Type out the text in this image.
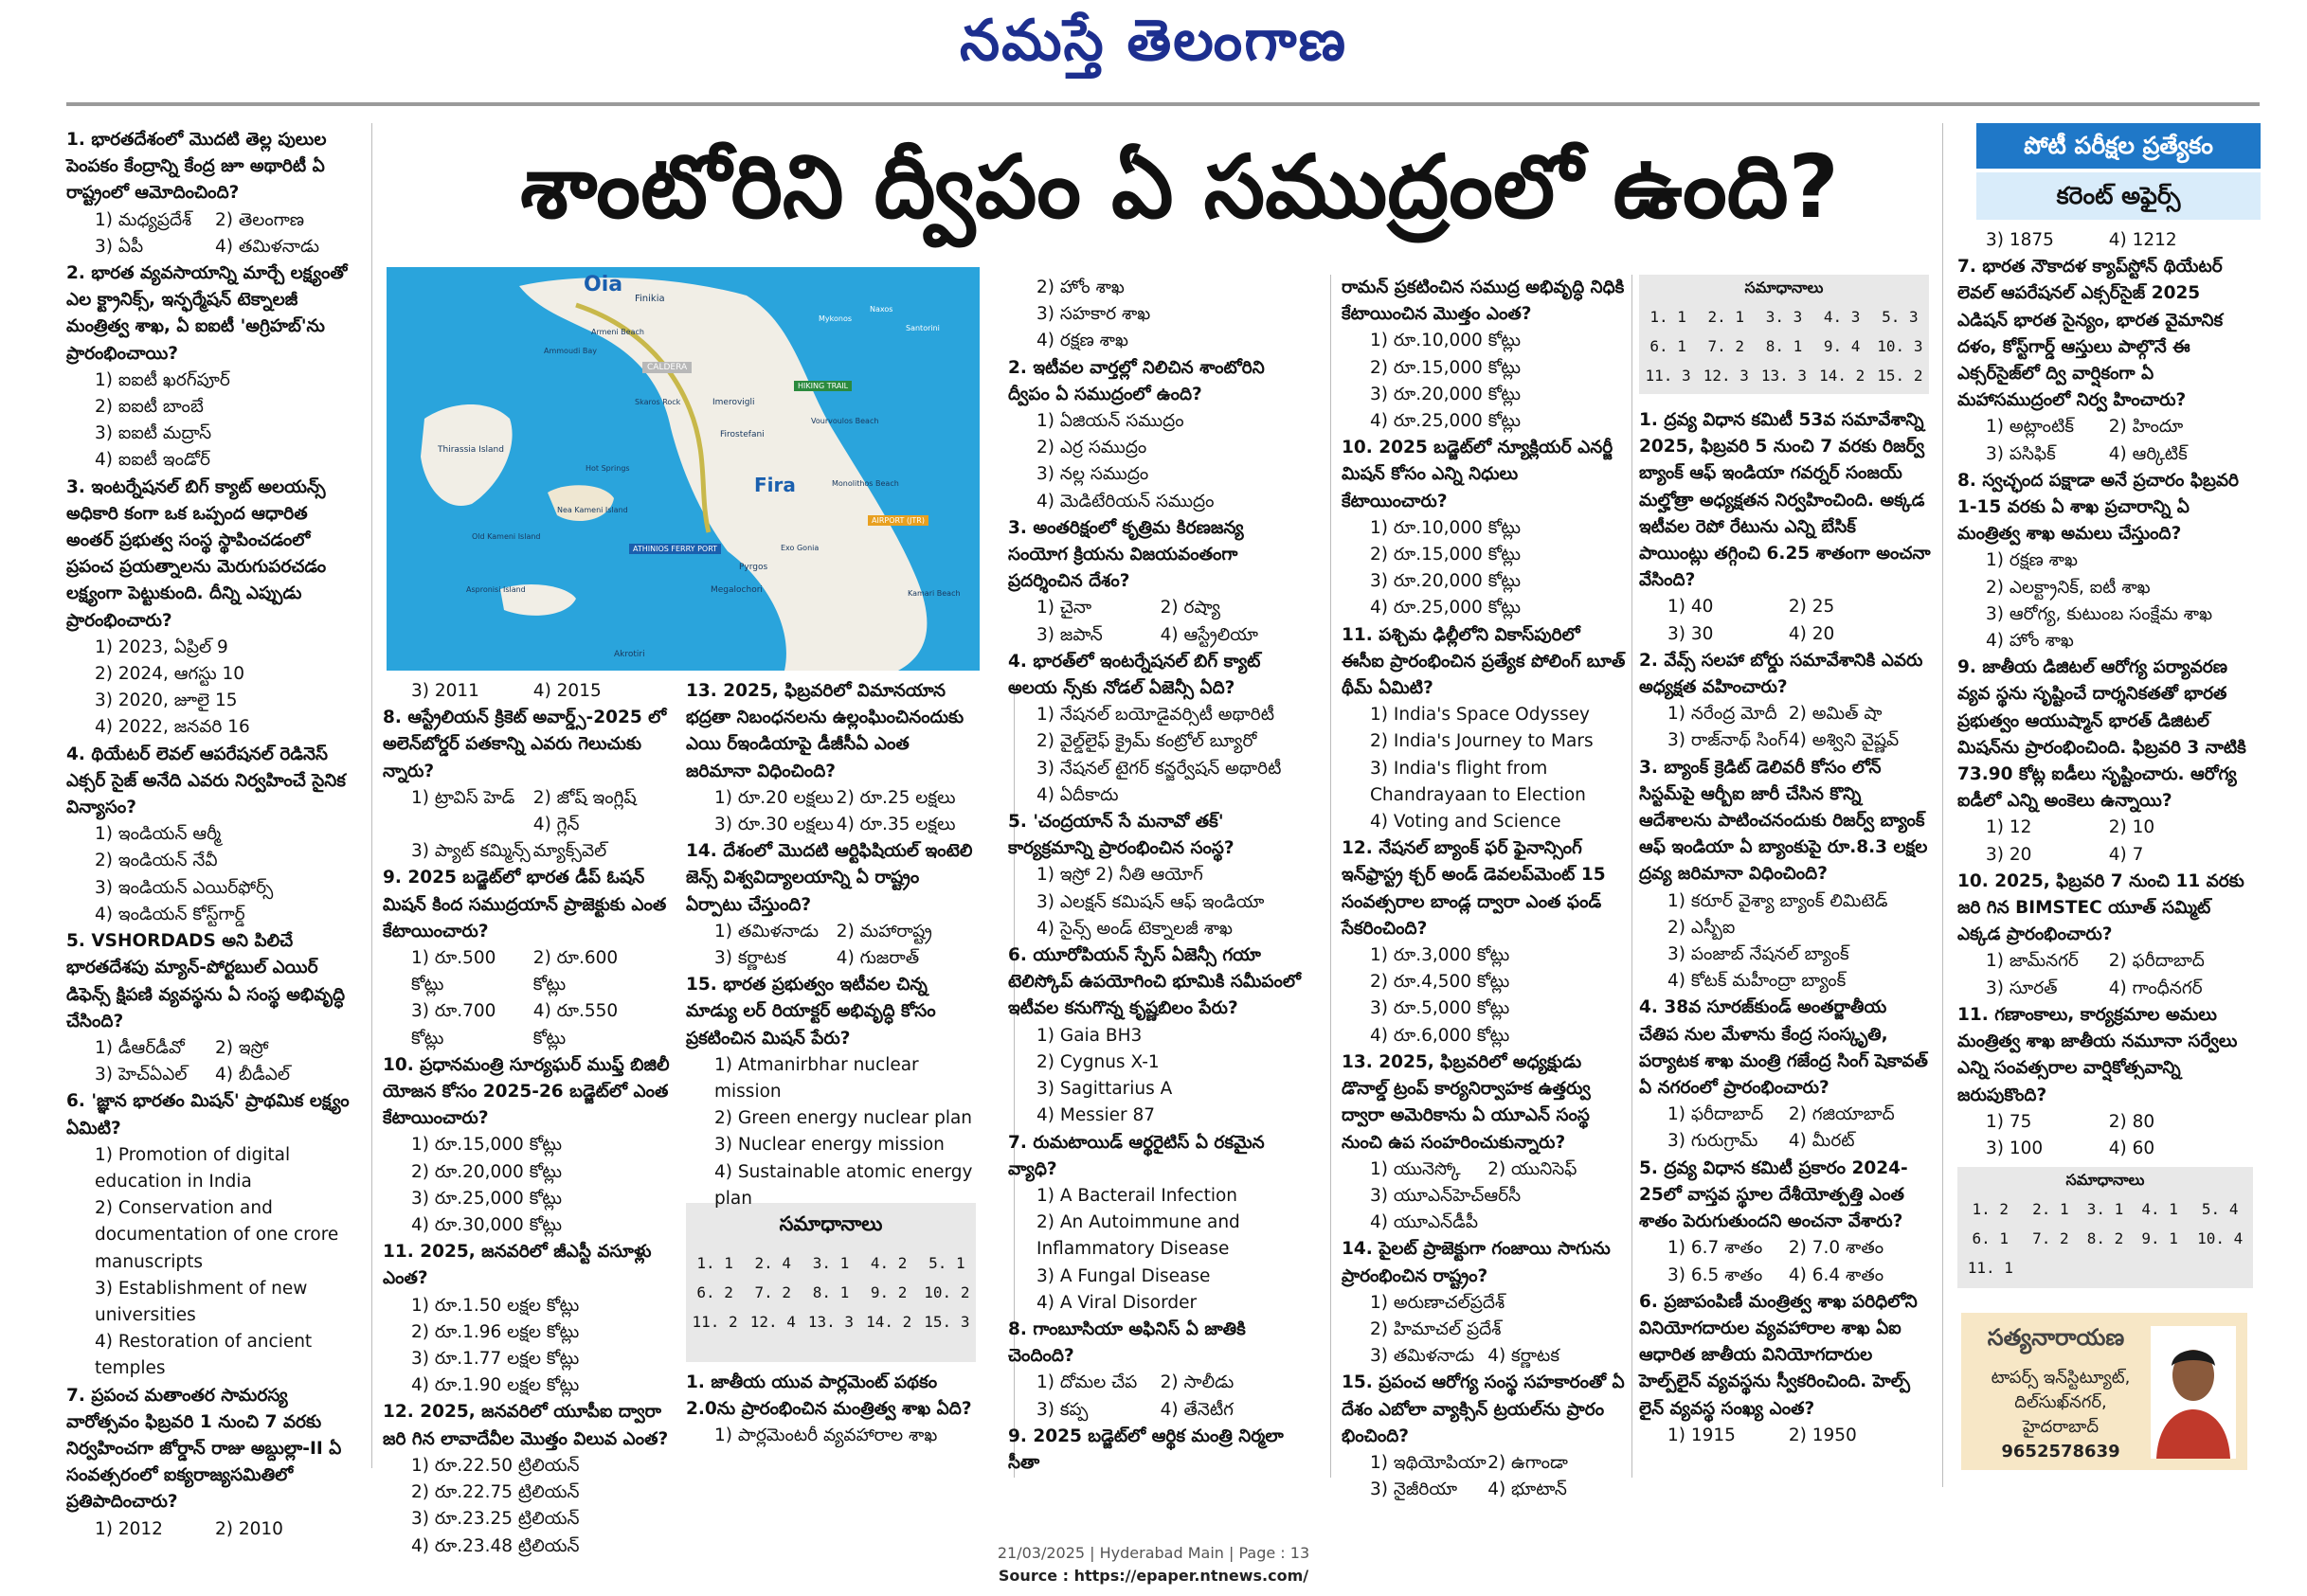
నమస్తే తెలంగాణ
శాంటోరిని ద్వీపం ఏ సముద్రంలో ఉంది?	పోటీ పరీక్షల ప్రత్యేకం
కరెంట్ అఫైర్స్
Oia
Finikia
Ammoudi Bay
Armeni Beach
Thirassia Island
CALDERA
Skaros Rock	Imerovigli
HIKING TRAIL
Firostefani
Vourvoulos Beach
Fira	Monolithos Beach
Hot Springs
Nea Kameni Island
Old Kameni Island
AIRPORT (JTR)
ATHINIOS FERRY PORT	Exo Gonia
Pyrgos
Megalochori	Kamari Beach
Aspronisi Island
Akrotiri
Santorini
Mykonos
Naxos
సమాధానాలు
1. 1	2. 4	3. 1	4. 2	5. 1
6. 2	7. 2	8. 1	9. 2	10. 2
11. 2	12. 4	13. 3	14. 2	15. 3
సమాధానాలు
1. 1	2. 1	3. 3	4. 3	5. 3
6. 1	7. 2	8. 1	9. 4	10. 3
11. 3	12. 3	13. 3	14. 2	15. 2
సమాధానాలు
1. 2	2. 1	3. 1	4. 1	5. 4
6. 1	7. 2	8. 2	9. 1	10. 4
11. 1				
సత్యనారాయణ
టాపర్స్ ఇన్‌స్టిట్యూట్,
దిల్‌సుఖ్‌నగర్,
హైదరాబాద్
9652578639

1. భారతదేశంలో మొదటి తెల్ల పులుల పెంపకం కేంద్రాన్ని కేంద్ర జూ అథారిటీ ఏ రాష్ట్రంలో ఆమోదించింది?

1) మధ్యప్రదేశ్ 2) తెలంగాణ

3) ఏపీ	4) తమిళనాడు

2. భారత వ్యవసాయాన్ని మార్చే లక్ష్యంతో ఎల క్ట్రానిక్స్, ఇన్ఫర్మేషన్ టెక్నాలజీ మంత్రిత్వ శాఖ, ఏ ఐఐటీ 'అగ్రిహబ్'ను ప్రారంభించాయి?

1) ఐఐటీ ఖరగ్‌పూర్

2) ఐఐటీ బాంబే

3) ఐఐటీ మద్రాస్

4) ఐఐటీ ఇండోర్

3. ఇంటర్నేషనల్ బిగ్ క్యాట్ అలయన్స్ అధికారి కంగా ఒక ఒప్పంద ఆధారిత అంతర్ ప్రభుత్వ సంస్థ స్థాపించడంలో ప్రపంచ ప్రయత్నాలను మెరుగుపరచడం లక్ష్యంగా పెట్టుకుంది. దీన్ని ఎప్పుడు ప్రారంభించారు?

1) 2023, ఏప్రిల్ 9

2) 2024, ఆగస్టు 10

3) 2020, జూలై 15

4) 2022, జనవరి 16

4. థియేటర్ లెవల్ ఆపరేషనల్ రెడినెస్ ఎక్సర్ సైజ్ అనేది ఎవరు నిర్వహించే సైనిక విన్యాసం?

1) ఇండియన్ ఆర్మీ

2) ఇండియన్ నేవీ

3) ఇండియన్ ఎయిర్‌ఫోర్స్

4) ఇండియన్ కోస్ట్‌గార్డ్

5. VSHORDADS అని పిలిచే భారతదేశపు మ్యాన్-పోర్టబుల్ ఎయిర్ డిఫెన్స్ క్షిపణి వ్యవస్థను ఏ సంస్థ అభివృద్ధి చేసింది?

1) డీఆర్‌డీవో 2) ఇస్రో

3) హెచ్‌ఏఎల్ 4) బీడీఎల్

6. 'జ్ఞాన భారతం మిషన్' ప్రాథమిక లక్ష్యం ఏమిటి?

1) Promotion of digital education in India

2) Conservation and documentation of one crore manuscripts

3) Establishment of new universities

4) Restoration of ancient temples

7. ప్రపంచ మతాంతర సామరస్య వారోత్సవం ఫిబ్రవరి 1 నుంచి 7 వరకు నిర్వహించగా జోర్డాన్ రాజు అబ్దుల్లా-II ఏ సంవత్సరంలో ఐక్యరాజ్యసమితిలో ప్రతిపాదించారు?

1) 2012	2) 2010

3) 2011	4) 2015

8. ఆస్ట్రేలియన్ క్రికెట్ అవార్డ్స్-2025 లో అలెన్‌బోర్డర్ పతకాన్ని ఎవరు గెలుచుకు న్నారు?

1) ట్రావిస్ హెడ్ 2) జోష్ ఇంగ్లిష్

3) ప్యాట్ కమ్మిన్స్4) గ్లెన్ మ్యాక్స్‌వెల్

9. 2025 బడ్జెట్‌లో భారత డీప్ ఓషన్ మిషన్ కింద సముద్రయాన్ ప్రాజెక్టుకు ఎంత కేటాయించారు?

1) రూ.500 కోట్లు2) రూ.600 కోట్లు

3) రూ.700 కోట్లు4) రూ.550 కోట్లు

10. ప్రధానమంత్రి సూర్యఘర్ ముఫ్త్ బిజిలీ యోజన కోసం 2025-26 బడ్జెట్‌లో ఎంత కేటాయించారు?

1) రూ.15,000 కోట్లు

2) రూ.20,000 కోట్లు

3) రూ.25,000 కోట్లు

4) రూ.30,000 కోట్లు

11. 2025, జనవరిలో జీఎస్టీ వసూళ్లు ఎంత?

1) రూ.1.50 లక్షల కోట్లు

2) రూ.1.96 లక్షల కోట్లు

3) రూ.1.77 లక్షల కోట్లు

4) రూ.1.90 లక్షల కోట్లు

12. 2025, జనవరిలో యూపీఐ ద్వారా జరి గిన లావాదేవీల మొత్తం విలువ ఎంత?

1) రూ.22.50 ట్రిలియన్

2) రూ.22.75 ట్రిలియన్

3) రూ.23.25 ట్రిలియన్

4) రూ.23.48 ట్రిలియన్

13. 2025, ఫిబ్రవరిలో విమానయాన భద్రతా నిబంధనలను ఉల్లంఘించినందుకు ఎయి ర్‌ఇండియాపై డీజీసీఏ ఎంత జరిమానా విధించింది?

1) రూ.20 లక్షలు 2) రూ.25 లక్షలు

3) రూ.30 లక్షలు 4) రూ.35 లక్షలు

14. దేశంలో మొదటి ఆర్టిఫిషియల్ ఇంటెలి జెన్స్ విశ్వవిద్యాలయాన్ని ఏ రాష్ట్రం ఏర్పాటు చేస్తుంది?

1) తమిళనాడు 2) మహారాష్ట్ర

3) కర్ణాటక	4) గుజరాత్

15. భారత ప్రభుత్వం ఇటీవల చిన్న మాడ్యు లర్ రియాక్టర్ అభివృద్ధి కోసం ప్రకటించిన మిషన్ పేరు?

1) Atmanirbhar nuclear mission

2) Green energy nuclear plan

3) Nuclear energy mission

4) Sustainable atomic energy plan

1. జాతీయ యువ పార్లమెంట్ పథకం 2.0ను ప్రారంభించిన మంత్రిత్వ శాఖ ఏది?

1) పార్లమెంటరీ వ్యవహారాల శాఖ

2) హోం శాఖ

3) సహకార శాఖ

4) రక్షణ శాఖ

2. ఇటీవల వార్తల్లో నిలిచిన శాంటోరిని ద్వీపం ఏ సముద్రంలో ఉంది?

1) ఏజియన్ సముద్రం

2) ఎర్ర సముద్రం

3) నల్ల సముద్రం

4) మెడిటేరియన్ సముద్రం

3. అంతరిక్షంలో కృత్రిమ కిరణజన్య సంయోగ క్రియను విజయవంతంగా ప్రదర్శించిన దేశం?

1) చైనా	2) రష్యా

3) జపాన్	4) ఆస్ట్రేలియా

4. భారత్‌లో ఇంటర్నేషనల్ బిగ్ క్యాట్ అలయ న్స్‌కు నోడల్ ఏజెన్సీ ఏది?

1) నేషనల్ బయోడైవర్సిటీ అథారిటీ

2) వైల్డ్‌లైఫ్ క్రైమ్ కంట్రోల్ బ్యూరో

3) నేషనల్ టైగర్ కన్జర్వేషన్ అథారిటీ

4) ఏదీకాదు

5. 'చంద్రయాన్ సే మనావో తక్' కార్యక్రమాన్ని ప్రారంభించిన సంస్థ?

1) ఇస్రో 2) నీతి ఆయోగ్

3) ఎలక్షన్ కమిషన్ ఆఫ్ ఇండియా

4) సైన్స్ అండ్ టెక్నాలజీ శాఖ

6. యూరోపియన్ స్పేస్ ఏజెన్సీ గయా టెలిస్కోప్ ఉపయోగించి భూమికి సమీపంలో ఇటీవల కనుగొన్న కృష్ణబిలం పేరు?

1) Gaia BH3

2) Cygnus X-1

3) Sagittarius A

4) Messier 87

7. రుమటాయిడ్ ఆర్థరైటిస్ ఏ రకమైన వ్యాధి?

1) A Bacterail Infection

2) An Autoimmune and Inflammatory Disease

3) A Fungal Disease

4) A Viral Disorder

8. గాంబూసియా అఫినిస్ ఏ జాతికి చెందింది?

1) దోమల చేప 2) సాలీడు

3) కప్ప	4) తేనెటీగ

9. 2025 బడ్జెట్‌లో ఆర్థిక మంత్రి నిర్మలా సీతా

రామన్ ప్రకటించిన సముద్ర అభివృద్ధి నిధికి కేటాయించిన మొత్తం ఎంత?

1) రూ.10,000 కోట్లు

2) రూ.15,000 కోట్లు

3) రూ.20,000 కోట్లు

4) రూ.25,000 కోట్లు

10. 2025 బడ్జెట్‌లో న్యూక్లియర్ ఎనర్జీ మిషన్ కోసం ఎన్ని నిధులు కేటాయించారు?

1) రూ.10,000 కోట్లు

2) రూ.15,000 కోట్లు

3) రూ.20,000 కోట్లు

4) రూ.25,000 కోట్లు

11. పశ్చిమ ఢిల్లీలోని వికాస్‌పురిలో ఈసీఐ ప్రారంభించిన ప్రత్యేక పోలింగ్ బూత్ థీమ్ ఏమిటి?

1) India's Space Odyssey

2) India's Journey to Mars

3) India's flight from Chandrayaan to Election

4) Voting and Science

12. నేషనల్ బ్యాంక్ ఫర్ ఫైనాన్సింగ్ ఇన్‌ఫ్రాస్ట్ర క్చర్ అండ్ డెవలప్‌మెంట్ 15 సంవత్సరాల బాండ్ల ద్వారా ఎంత ఫండ్ సేకరించింది?

1) రూ.3,000 కోట్లు

2) రూ.4,500 కోట్లు

3) రూ.5,000 కోట్లు

4) రూ.6,000 కోట్లు

13. 2025, ఫిబ్రవరిలో అధ్యక్షుడు డొనాల్డ్ ట్రంప్ కార్యనిర్వాహక ఉత్తర్వు ద్వారా అమెరికాను ఏ యూఎన్ సంస్థ నుంచి ఉప సంహరించుకున్నారు?

1) యునెస్కో 2) యునిసెఫ్

3) యూఎన్‌హెచ్‌ఆర్‌సీ

4) యూఎన్‌డీపీ

14. పైలట్ ప్రాజెక్టుగా గంజాయి సాగును ప్రారంభించిన రాష్ట్రం?

1) అరుణాచల్‌ప్రదేశ్

2) హిమాచల్ ప్రదేశ్

3) తమిళనాడు 4) కర్ణాటక

15. ప్రపంచ ఆరోగ్య సంస్థ సహకారంతో ఏ దేశం ఎబోలా వ్యాక్సిన్ ట్రయల్‌ను ప్రారం భించింది?

1) ఇథియోపియా2) ఉగాండా

3) నైజీరియా 4) భూటాన్

1. ద్రవ్య విధాన కమిటీ 53వ సమావేశాన్ని 2025, ఫిబ్రవరి 5 నుంచి 7 వరకు రిజర్వ్ బ్యాంక్ ఆఫ్ ఇండియా గవర్నర్ సంజయ్ మల్హోత్రా అధ్యక్షతన నిర్వహించింది. అక్కడ ఇటీవల రెపో రేటును ఎన్ని బేసిక్ పాయింట్లు తగ్గించి 6.25 శాతంగా అంచనా వేసింది?

1) 40	2) 25

3) 30	4) 20

2. వేవ్స్ సలహా బోర్డు సమావేశానికి ఎవరు అధ్యక్షత వహించారు?

1) నరేంద్ర మోదీ 2) అమిత్ షా

3) రాజ్‌నాథ్ సింగ్4) అశ్విని వైష్ణవ్

3. బ్యాంక్ క్రెడిట్ డెలివరీ కోసం లోన్ సిస్టమ్‌పై ఆర్బీఐ జారీ చేసిన కొన్ని ఆదేశాలను పాటించనందుకు రిజర్వ్ బ్యాంక్ ఆఫ్ ఇండియా ఏ బ్యాంకుపై రూ.8.3 లక్షల ద్రవ్య జరిమానా విధించింది?

1) కరూర్ వైశ్యా బ్యాంక్ లిమిటెడ్

2) ఎస్బీఐ

3) పంజాబ్ నేషనల్ బ్యాంక్

4) కోటక్ మహీంద్రా బ్యాంక్

4. 38వ సూరజ్‌కుండ్ అంతర్జాతీయ చేతిప నుల మేళాను కేంద్ర సంస్కృతి, పర్యాటక శాఖ మంత్రి గజేంద్ర సింగ్ షెకావత్ ఏ నగరంలో ప్రారంభించారు?

1) ఫరీదాబాద్ 2) గజియాబాద్

3) గురుగ్రామ్ 4) మీరట్

5. ద్రవ్య విధాన కమిటీ ప్రకారం 2024-25లో వాస్తవ స్థూల దేశీయోత్పత్తి ఎంత శాతం పెరుగుతుందని అంచనా వేశారు?

1) 6.7 శాతం 2) 7.0 శాతం

3) 6.5 శాతం 4) 6.4 శాతం

6. ప్రజాపంపిణీ మంత్రిత్వ శాఖ పరిధిలోని వినియోగదారుల వ్యవహారాల శాఖ ఏఐ ఆధారిత జాతీయ వినియోగదారుల హెల్ప్‌లైన్ వ్యవస్థను స్వీకరించింది. హెల్ప్ లైన్ వ్యవస్థ సంఖ్య ఎంత?

1) 1915	2) 1950

3) 1875	4) 1212

7. భారత నౌకాదళ క్యాప్‌స్టోన్ థియేటర్ లెవల్ ఆపరేషనల్ ఎక్సర్‌సైజ్ 2025 ఎడిషన్ భారత సైన్యం, భారత వైమానిక దళం, కోస్ట్‌గార్డ్ ఆస్తులు పాల్గొనే ఈ ఎక్సర్‌సైజ్‌లో ద్వి వార్షికంగా ఏ మహాసముద్రంలో నిర్వ హించారు?

1) అట్లాంటిక్ 2) హిందూ

3) పసిఫిక్	4) ఆర్కిటిక్

8. స్వచ్ఛంద పక్షాడా అనే ప్రచారం ఫిబ్రవరి 1-15 వరకు ఏ శాఖ ప్రచారాన్ని ఏ మంత్రిత్వ శాఖ అమలు చేస్తుంది?

1) రక్షణ శాఖ

2) ఎలక్ట్రానిక్, ఐటీ శాఖ

3) ఆరోగ్య, కుటుంబ సంక్షేమ శాఖ

4) హోం శాఖ

9. జాతీయ డిజిటల్ ఆరోగ్య పర్యావరణ వ్యవ స్థను సృష్టించే దార్శనికతతో భారత ప్రభుత్వం ఆయుష్మాన్ భారత్ డిజిటల్ మిషన్‌ను ప్రారంభించింది. ఫిబ్రవరి 3 నాటికి 73.90 కోట్ల ఐడీలు సృష్టించారు. ఆరోగ్య ఐడీలో ఎన్ని అంకెలు ఉన్నాయి?

1) 12	2) 10

3) 20	4) 7

10. 2025, ఫిబ్రవరి 7 నుంచి 11 వరకు జరి గిన BIMSTEC యూత్ సమ్మిట్ ఎక్కడ ప్రారంభించారు?

1) జామ్‌నగర్ 2) ఫరీదాబాద్

3) సూరత్	4) గాంధీనగర్

11. గణాంకాలు, కార్యక్రమాల అమలు మంత్రిత్వ శాఖ జాతీయ నమూనా సర్వేలు ఎన్ని సంవత్సరాల వార్షికోత్సవాన్ని జరుపుకొంది?

1) 75	2) 80

3) 100	4) 60

21/03/2025 | Hyderabad Main | Page : 13
Source : https://epaper.ntnews.com/
